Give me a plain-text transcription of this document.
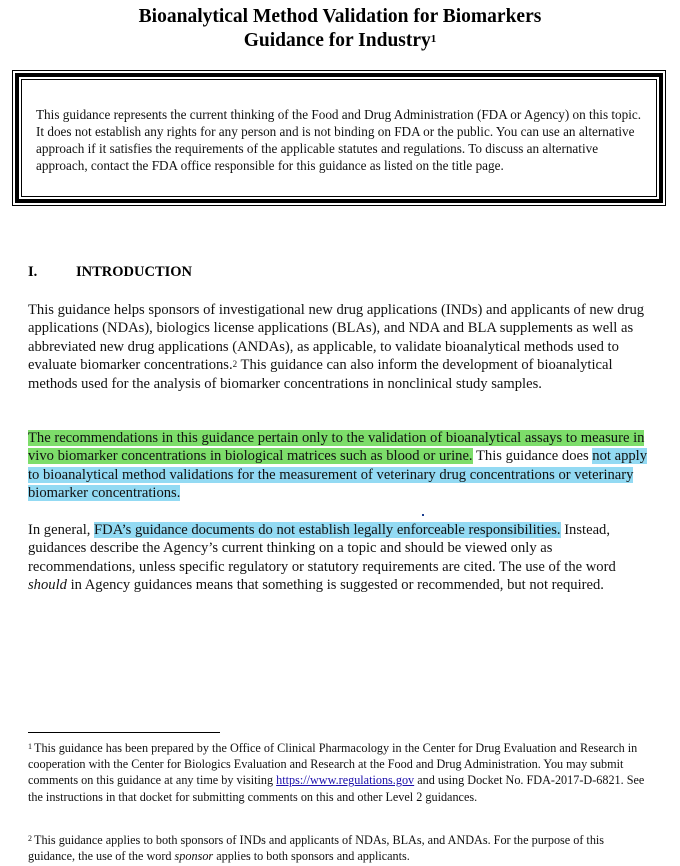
Bioanalytical Method Validation for Biomarkers
Guidance for Industry$^1$
This guidance represents the current thinking of the Food and Drug Administration (FDA or Agency) on this topic. It does not establish any rights for any person and is not binding on FDA or the public. You can use an alternative approach if it satisfies the requirements of the applicable statutes and regulations. To discuss an alternative approach, contact the FDA office responsible for this guidance as listed on the title page.
I.	INTRODUCTION
This guidance helps sponsors of investigational new drug applications (INDs) and applicants of new drug applications (NDAs), biologics license applications (BLAs), and NDA and BLA supplements as well as abbreviated new drug applications (ANDAs), as applicable, to validate bioanalytical methods used to evaluate biomarker concentrations.$^2$ This guidance can also inform the development of bioanalytical methods used for the analysis of biomarker concentrations in nonclinical study samples.
The recommendations in this guidance pertain only to the validation of bioanalytical assays to measure in vivo biomarker concentrations in biological matrices such as blood or urine. This guidance does not apply to bioanalytical method validations for the measurement of veterinary drug concentrations or veterinary biomarker concentrations.
In general, FDA’s guidance documents do not establish legally enforceable responsibilities. Instead, guidances describe the Agency’s current thinking on a topic and should be viewed only as recommendations, unless specific regulatory or statutory requirements are cited. The use of the word should in Agency guidances means that something is suggested or recommended, but not required.
$^1$ This guidance has been prepared by the Office of Clinical Pharmacology in the Center for Drug Evaluation and Research in cooperation with the Center for Biologics Evaluation and Research at the Food and Drug Administration. You may submit comments on this guidance at any time by visiting https://www.regulations.gov and using Docket No. FDA-2017-D-6821. See the instructions in that docket for submitting comments on this and other Level 2 guidances.
$^2$ This guidance applies to both sponsors of INDs and applicants of NDAs, BLAs, and ANDAs. For the purpose of this guidance, the use of the word sponsor applies to both sponsors and applicants.
